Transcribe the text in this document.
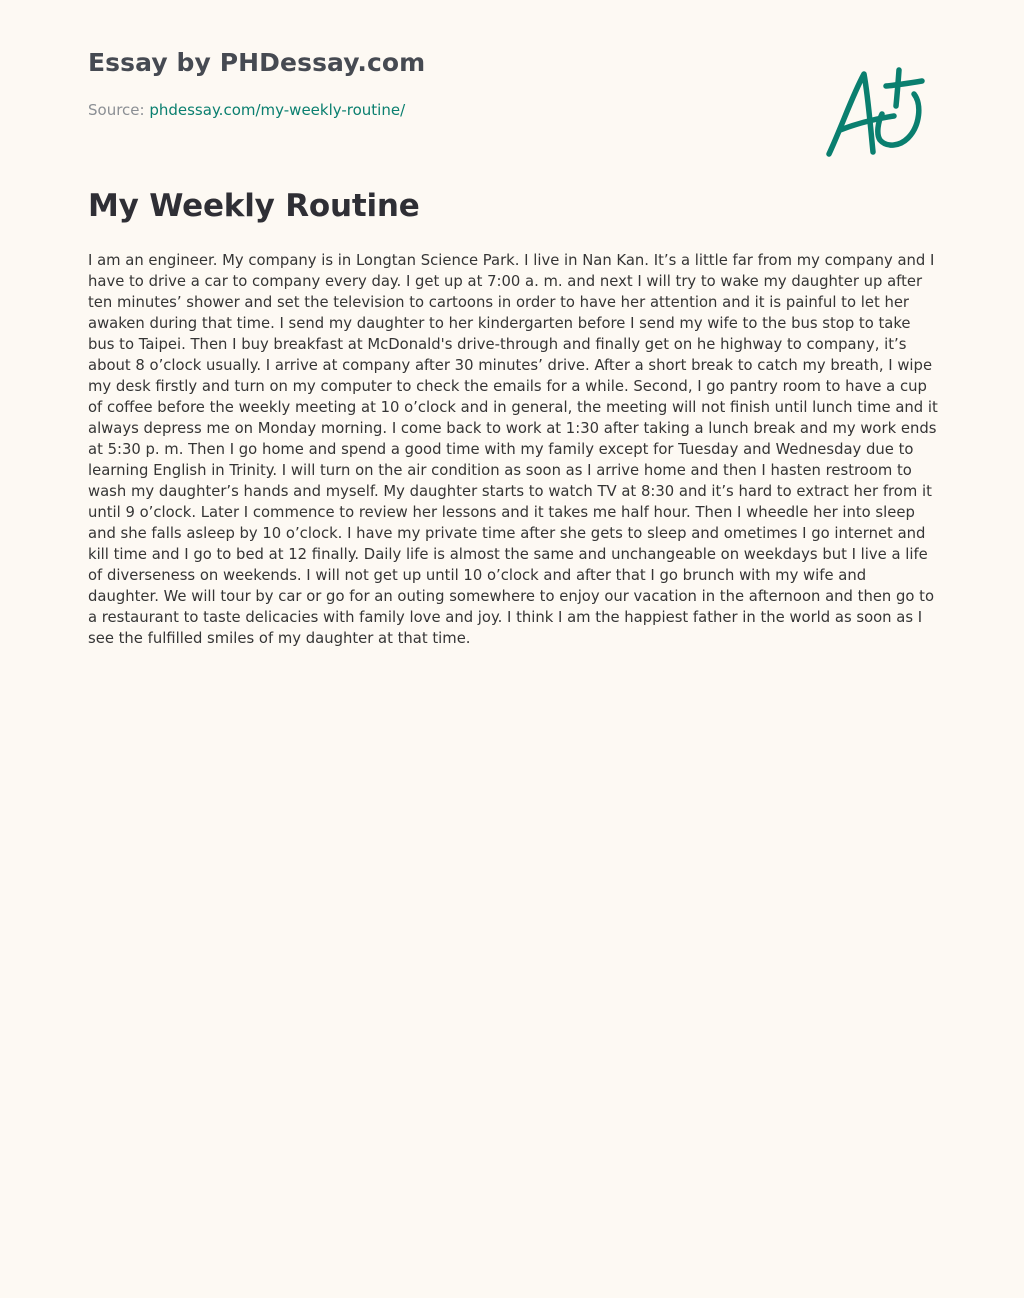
Essay by PHDessay.com
Source: phdessay.com/my-weekly-routine/
My Weekly Routine

I am an engineer. My company is in Longtan Science Park. I live in Nan Kan. It’s a little far from my company and I have to drive a car to company every day. I get up at 7:00 a. m. and next I will try to wake my daughter up after ten minutes’ shower and set the television to cartoons in order to have her attention and it is painful to let her awaken during that time. I send my daughter to her kindergarten before I send my wife to the bus stop to take bus to Taipei. Then I buy breakfast at McDonald's drive-through and finally get on he highway to company, it’s about 8 o’clock usually. I arrive at company after 30 minutes’ drive. After a short break to catch my breath, I wipe my desk firstly and turn on my computer to check the emails for a while. Second, I go pantry room to have a cup of coffee before the weekly meeting at 10 o’clock and in general, the meeting will not finish until lunch time and it always depress me on Monday morning. I come back to work at 1:30 after taking a lunch break and my work ends at 5:30 p. m. Then I go home and spend a good time with my family except for Tuesday and Wednesday due to learning English in Trinity. I will turn on the air condition as soon as I arrive home and then I hasten restroom to wash my daughter’s hands and myself. My daughter starts to watch TV at 8:30 and it’s hard to extract her from it until 9 o’clock. Later I commence to review her lessons and it takes me half hour. Then I wheedle her into sleep and she falls asleep by 10 o’clock. I have my private time after she gets to sleep and ometimes I go internet and kill time and I go to bed at 12 finally. Daily life is almost the same and unchangeable on weekdays but I live a life of diverseness on weekends. I will not get up until 10 o’clock and after that I go brunch with my wife and daughter. We will tour by car or go for an outing somewhere to enjoy our vacation in the afternoon and then go to a restaurant to taste delicacies with family love and joy. I think I am the happiest father in the world as soon as I see the fulfilled smiles of my daughter at that time.
